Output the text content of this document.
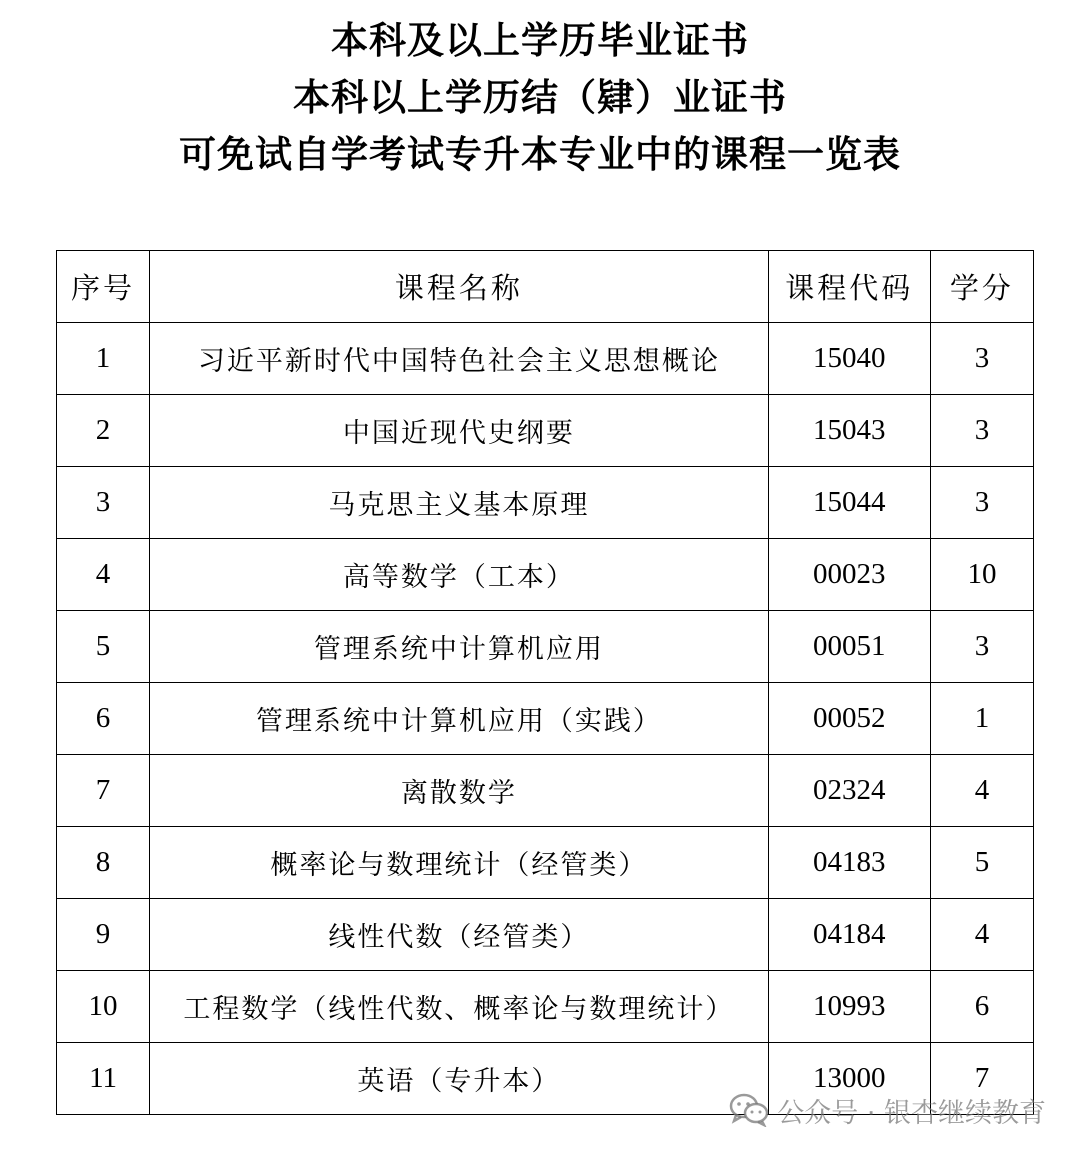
本科及以上学历毕业证书
本科以上学历结（肄）业证书
可免试自学考试专升本专业中的课程一览表
序号	课程名称	课程代码	学分
1	习近平新时代中国特色社会主义思想概论	15040	3
2	中国近现代史纲要	15043	3
3	马克思主义基本原理	15044	3
4	高等数学（工本）	00023	10
5	管理系统中计算机应用	00051	3
6	管理系统中计算机应用（实践）	00052	1
7	离散数学	02324	4
8	概率论与数理统计（经管类）	04183	5
9	线性代数（经管类）	04184	4
10	工程数学（线性代数、概率论与数理统计）	10993	6
11	英语（专升本）	13000	7
公众号 · 银杏继续教育
